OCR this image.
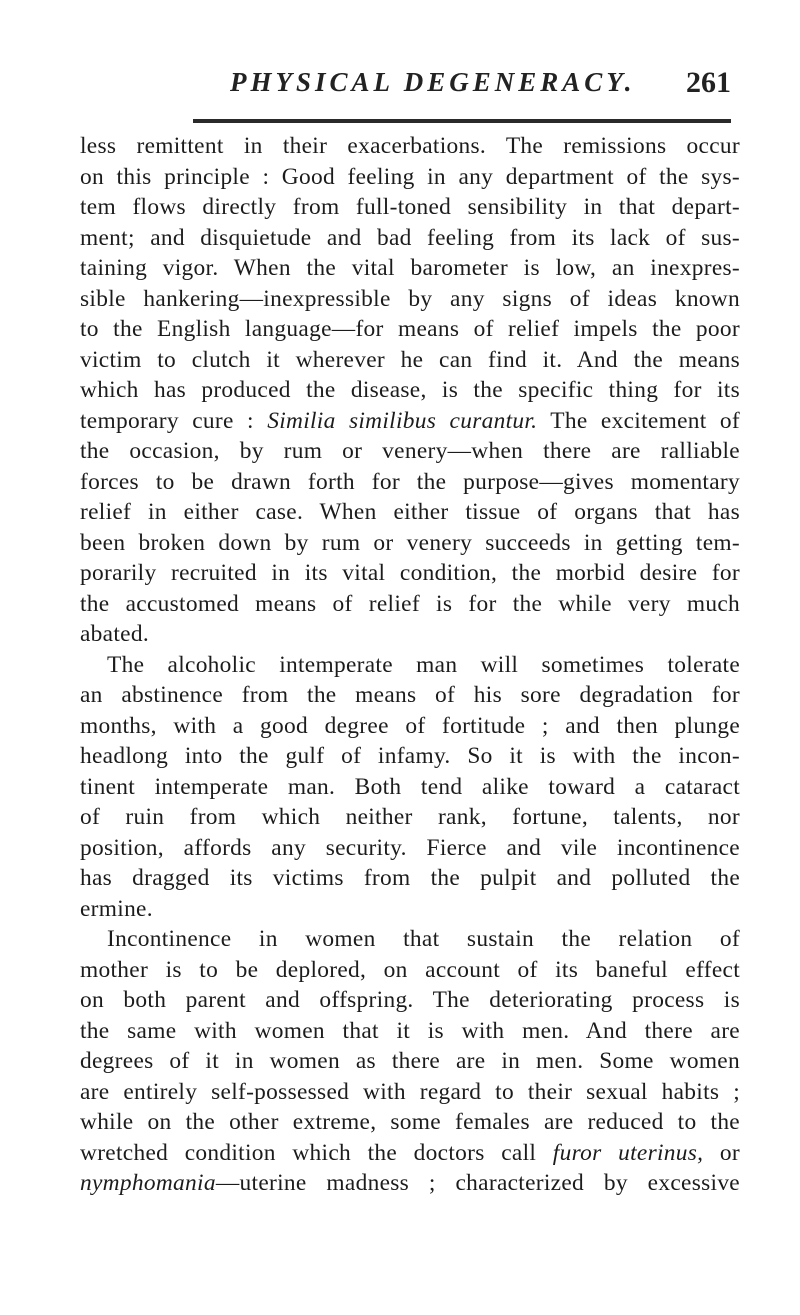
PHYSICAL DEGENERACY. 261
less remittent in their exacerbations. The remissions occur
on this principle : Good feeling in any department of the sys-
tem flows directly from full-toned sensibility in that depart-
ment; and disquietude and bad feeling from its lack of sus-
taining vigor. When the vital barometer is low, an inexpres-
sible hankering—inexpressible by any signs of ideas known
to the English language—for means of relief impels the poor
victim to clutch it wherever he can find it. And the means
which has produced the disease, is the specific thing for its
temporary cure : Similia similibus curantur. The excitement of
the occasion, by rum or venery—when there are ralliable
forces to be drawn forth for the purpose—gives momentary
relief in either case. When either tissue of organs that has
been broken down by rum or venery succeeds in getting tem-
porarily recruited in its vital condition, the morbid desire for
the accustomed means of relief is for the while very much
abated.
The alcoholic intemperate man will sometimes tolerate
an abstinence from the means of his sore degradation for
months, with a good degree of fortitude ; and then plunge
headlong into the gulf of infamy. So it is with the incon-
tinent intemperate man. Both tend alike toward a cataract
of ruin from which neither rank, fortune, talents, nor
position, affords any security. Fierce and vile incontinence
has dragged its victims from the pulpit and polluted the
ermine.
Incontinence in women that sustain the relation of
mother is to be deplored, on account of its baneful effect
on both parent and offspring. The deteriorating process is
the same with women that it is with men. And there are
degrees of it in women as there are in men. Some women
are entirely self-possessed with regard to their sexual habits ;
while on the other extreme, some females are reduced to the
wretched condition which the doctors call furor uterinus, or
nymphomania—uterine madness ; characterized by excessive
